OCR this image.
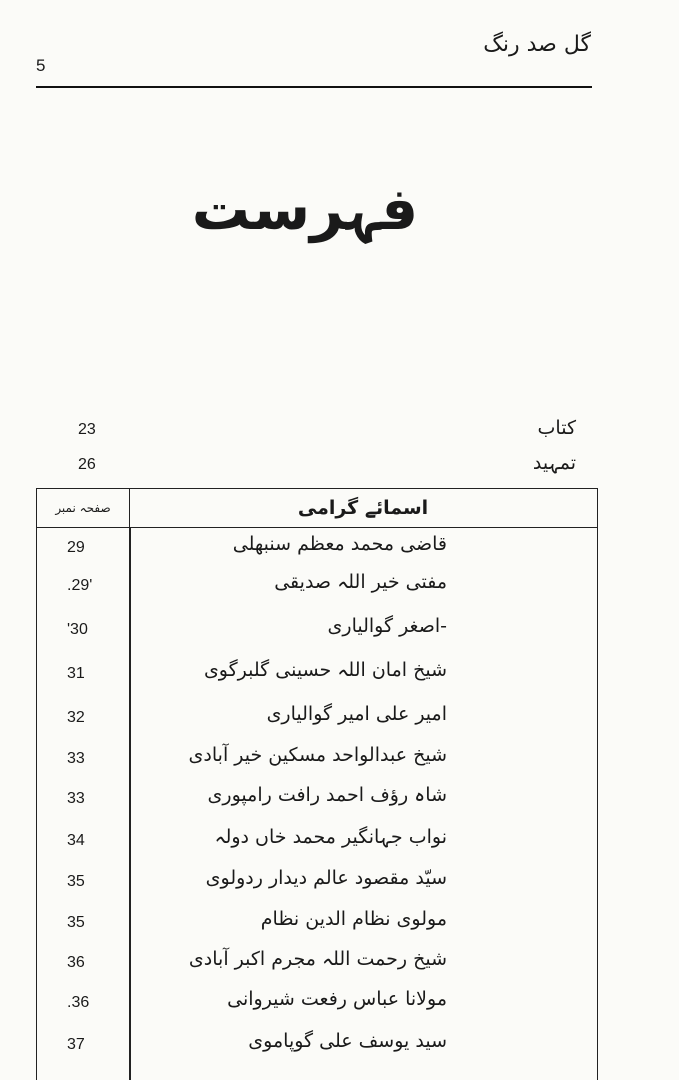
5
گل صد رنگ
فہرست
23	کتاب
26	تمہید
صفحہ نمبر	اسمائے گرامی
29	قاضی محمد معظم سنبھلی
.29'	مفتی خیر اللہ صدیقی
'30	-اصغر گوالیاری
31	شیخ امان اللہ حسینی گلبرگوی
32	امیر علی امیر گوالیاری
33	شیخ عبدالواحد مسکین خیر آبادی
33	شاہ رؤف احمد رافت رامپوری
34	نواب جہانگیر محمد خاں دولہ
35	سیّد مقصود عالم دیدار ردولوی
35	مولوی نظام الدین نظام
36	شیخ رحمت اللہ مجرم اکبر آبادی
.36	مولانا عباس رفعت شیروانی
37	سید یوسف علی گوپاموی
